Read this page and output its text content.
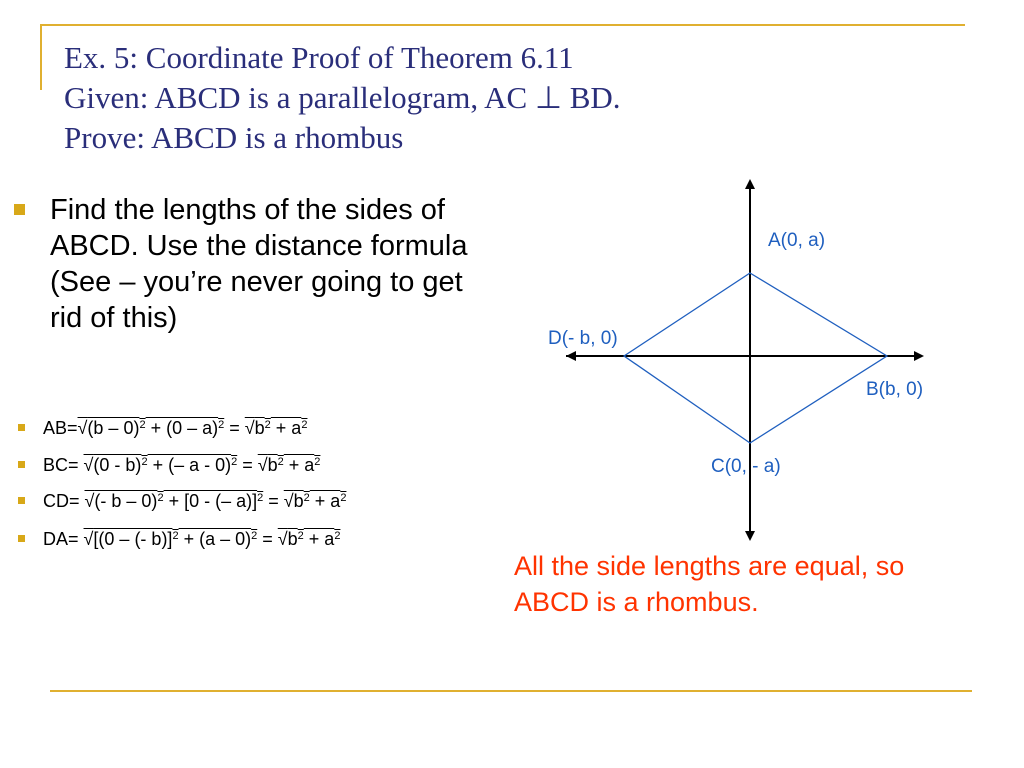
Ex. 5: Coordinate Proof of Theorem 6.11
Given: ABCD is a parallelogram, AC ⊥ BD.
Prove: ABCD is a rhombus
Find the lengths of the sides of ABCD. Use the distance formula (See – you’re never going to get rid of this)
$AB=√(b - 0)^2 + (0 - a)^2 = √b^2 + a^2$
BC= √(0 - b)$^2$ + (– $a - 0)^2 = √b^2 + a^2$
CD= √(- b – 0)$^2$ + [0 - (– $a)]^2 = √b^2 + a^2$
DA= √[(0 – (- $b)]^2 + (a - 0)^2 = √b^2 + a^2$
A(0, a)
D(- b, 0)
B(b, 0)
C(0, - a)
All the side lengths are equal, so ABCD is a rhombus.
